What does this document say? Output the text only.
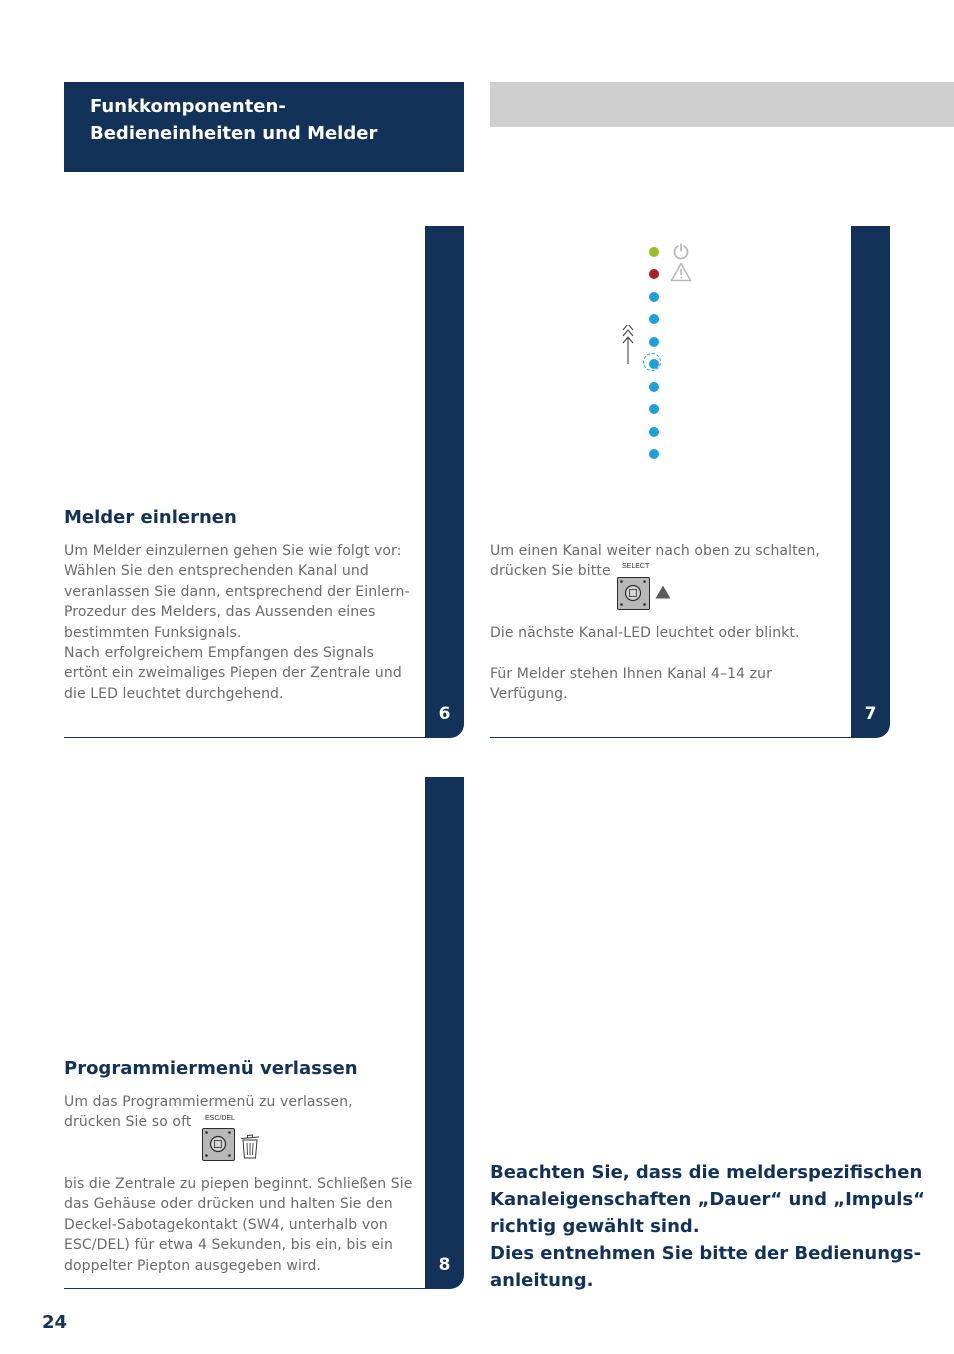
Funkkomponenten-Bedieneinheiten und Melder
6
Melder einlernen

Um Melder einzulernen gehen Sie wie folgt vor: Wählen Sie den entsprechenden Kanal und veranlassen Sie dann, entsprechend der Einlern-Prozedur des Melders, das Aussenden eines bestimmten Funksignals.
Nach erfolgreichem Empfangen des Signals ertönt ein zweimaliges Piepen der Zentrale und die LED leuchtet durchgehend.

7

Um einen Kanal weiter nach oben zu schalten, drücken Sie bitte	SELECT

Die nächste Kanal-LED leuchtet oder blinkt.

Für Melder stehen Ihnen Kanal 4–14 zur Verfügung.

8
Programmiermenü verlassen

Um das Programmiermenü zu verlassen, drücken Sie so oft	ESC/DEL

bis die Zentrale zu piepen beginnt. Schließen Sie das Gehäuse oder drücken und halten Sie den Deckel-Sabotagekontakt (SW4, unterhalb von ESC/DEL) für etwa 4 Sekunden, bis ein, bis ein doppelter Piepton ausgegeben wird.

Beachten Sie, dass die melderspezifischen Kanaleigenschaften „Dauer“ und „Impuls“ richtig gewählt sind.
Dies entnehmen Sie bitte der Bedienungs-anleitung.
24
